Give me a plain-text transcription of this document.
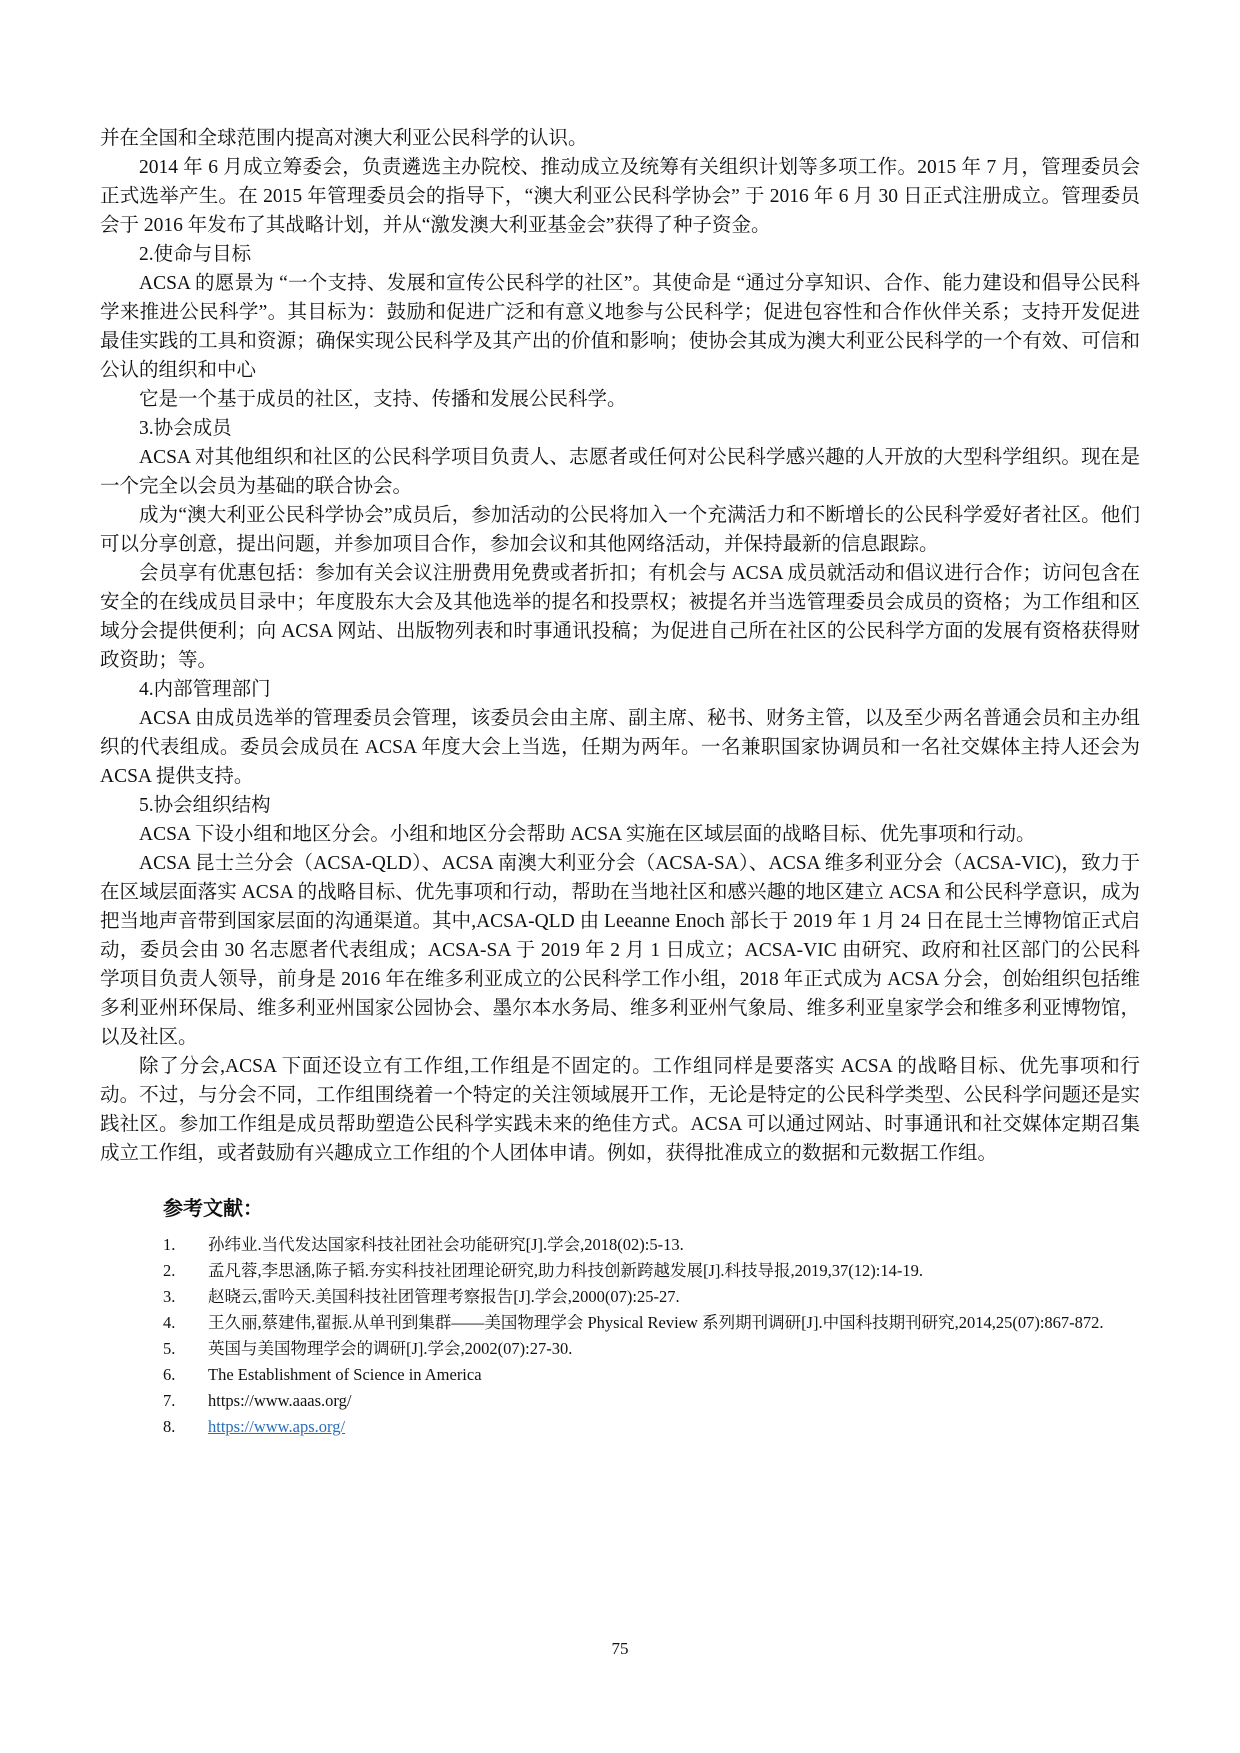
并在全国和全球范围内提高对澳大利亚公民科学的认识。

2014 年 6 月成立筹委会，负责遴选主办院校、推动成立及统筹有关组织计划等多项工作。2015 年 7 月，管理委员会正式选举产生。在 2015 年管理委员会的指导下，“澳大利亚公民科学协会” 于 2016 年 6 月 30 日正式注册成立。管理委员会于 2016 年发布了其战略计划，并从“激发澳大利亚基金会”获得了种子资金。

2.使命与目标

ACSA 的愿景为 “一个支持、发展和宣传公民科学的社区”。其使命是 “通过分享知识、合作、能力建设和倡导公民科学来推进公民科学”。其目标为：鼓励和促进广泛和有意义地参与公民科学；促进包容性和合作伙伴关系；支持开发促进最佳实践的工具和资源；确保实现公民科学及其产出的价值和影响；使协会其成为澳大利亚公民科学的一个有效、可信和公认的组织和中心

它是一个基于成员的社区，支持、传播和发展公民科学。

3.协会成员

ACSA 对其他组织和社区的公民科学项目负责人、志愿者或任何对公民科学感兴趣的人开放的大型科学组织。现在是一个完全以会员为基础的联合协会。

成为“澳大利亚公民科学协会”成员后，参加活动的公民将加入一个充满活力和不断增长的公民科学爱好者社区。他们可以分享创意，提出问题，并参加项目合作，参加会议和其他网络活动，并保持最新的信息跟踪。

会员享有优惠包括：参加有关会议注册费用免费或者折扣；有机会与 ACSA 成员就活动和倡议进行合作；访问包含在安全的在线成员目录中；年度股东大会及其他选举的提名和投票权；被提名并当选管理委员会成员的资格；为工作组和区域分会提供便利；向 ACSA 网站、出版物列表和时事通讯投稿；为促进自己所在社区的公民科学方面的发展有资格获得财政资助；等。

4.内部管理部门

ACSA 由成员选举的管理委员会管理，该委员会由主席、副主席、秘书、财务主管，以及至少两名普通会员和主办组织的代表组成。委员会成员在 ACSA 年度大会上当选，任期为两年。一名兼职国家协调员和一名社交媒体主持人还会为 ACSA 提供支持。

5.协会组织结构

ACSA 下设小组和地区分会。小组和地区分会帮助 ACSA 实施在区域层面的战略目标、优先事项和行动。

ACSA 昆士兰分会（ACSA-QLD）、ACSA 南澳大利亚分会（ACSA-SA）、ACSA 维多利亚分会（ACSA-VIC)，致力于在区域层面落实 ACSA 的战略目标、优先事项和行动，帮助在当地社区和感兴趣的地区建立 ACSA 和公民科学意识，成为把当地声音带到国家层面的沟通渠道。其中,ACSA-QLD 由 Leeanne Enoch 部长于 2019 年 1 月 24 日在昆士兰博物馆正式启动，委员会由 30 名志愿者代表组成；ACSA-SA 于 2019 年 2 月 1 日成立；ACSA-VIC 由研究、政府和社区部门的公民科学项目负责人领导，前身是 2016 年在维多利亚成立的公民科学工作小组，2018 年正式成为 ACSA 分会，创始组织包括维多利亚州环保局、维多利亚州国家公园协会、墨尔本水务局、维多利亚州气象局、维多利亚皇家学会和维多利亚博物馆，以及社区。

除了分会,ACSA 下面还设立有工作组,工作组是不固定的。工作组同样是要落实 ACSA 的战略目标、优先事项和行动。不过，与分会不同，工作组围绕着一个特定的关注领域展开工作，无论是特定的公民科学类型、公民科学问题还是实践社区。参加工作组是成员帮助塑造公民科学实践未来的绝佳方式。ACSA 可以通过网站、时事通讯和社交媒体定期召集成立工作组，或者鼓励有兴趣成立工作组的个人团体申请。例如，获得批准成立的数据和元数据工作组。

参考文献：
1.	孙纬业.当代发达国家科技社团社会功能研究[J].学会,2018(02):5-13.
2.	孟凡蓉,李思涵,陈子韬.夯实科技社团理论研究,助力科技创新跨越发展[J].科技导报,2019,37(12):14-19.
3.	赵晓云,雷吟天.美国科技社团管理考察报告[J].学会,2000(07):25-27.
4.	王久丽,蔡建伟,翟振.从单刊到集群——美国物理学会 Physical Review 系列期刊调研[J].中国科技期刊研究,2014,25(07):867-872.
5.	英国与美国物理学会的调研[J].学会,2002(07):27-30.
6.	The Establishment of Science in America
7.	https://www.aaas.org/
8.	https://www.aps.org/
75
